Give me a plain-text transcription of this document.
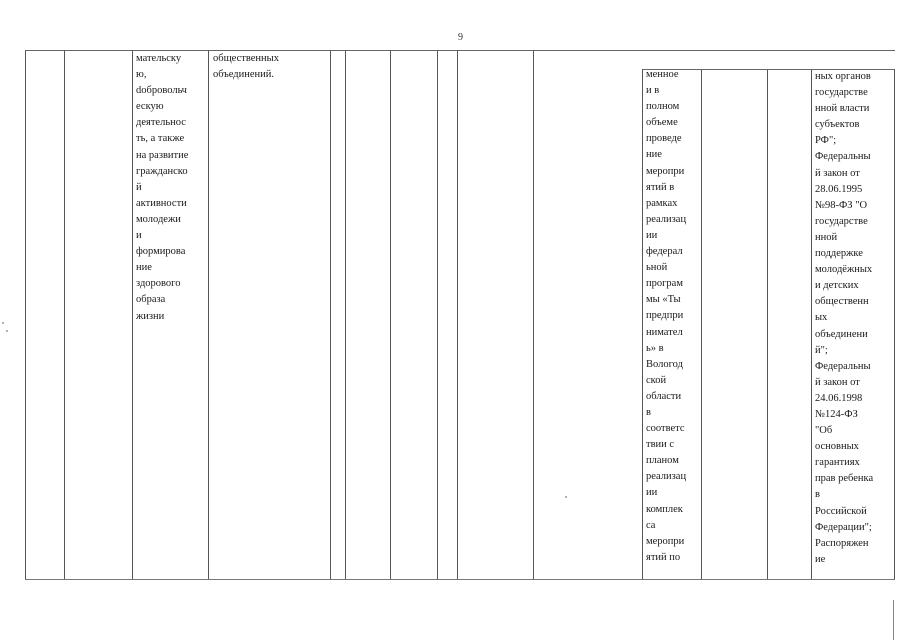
9
мательску
ю,
dобровольч
ескую
деятельнос
ть, а также
на развитие
гражданско
й
активности
молодежи
и
формирова
ние
здорового
образа
жизни
общественных
объединений.	менное
и в
полном
объеме
проведе
ние
меропри
ятий в
рамках
реализац
ии
федерал
ьной
програм
мы «Ты
предпри
нимател
ь» в
Вологод
ской
области
в
соответс
твии с
планом
реализац
ии
комплек
са
меропри
ятий по
ных органов
государстве
нной власти
субъектов
РФ";
Федеральны
й закон от
28.06.1995
№98-ФЗ "О
государстве
нной
поддержке
молодёжных
и детских
общественн
ых
объединени
й";
Федеральны
й закон от
24.06.1998
№124-ФЗ
"Об
основных
гарантиях
прав ребенка
в
Российской
Федерации";
Распоряжен
ие
